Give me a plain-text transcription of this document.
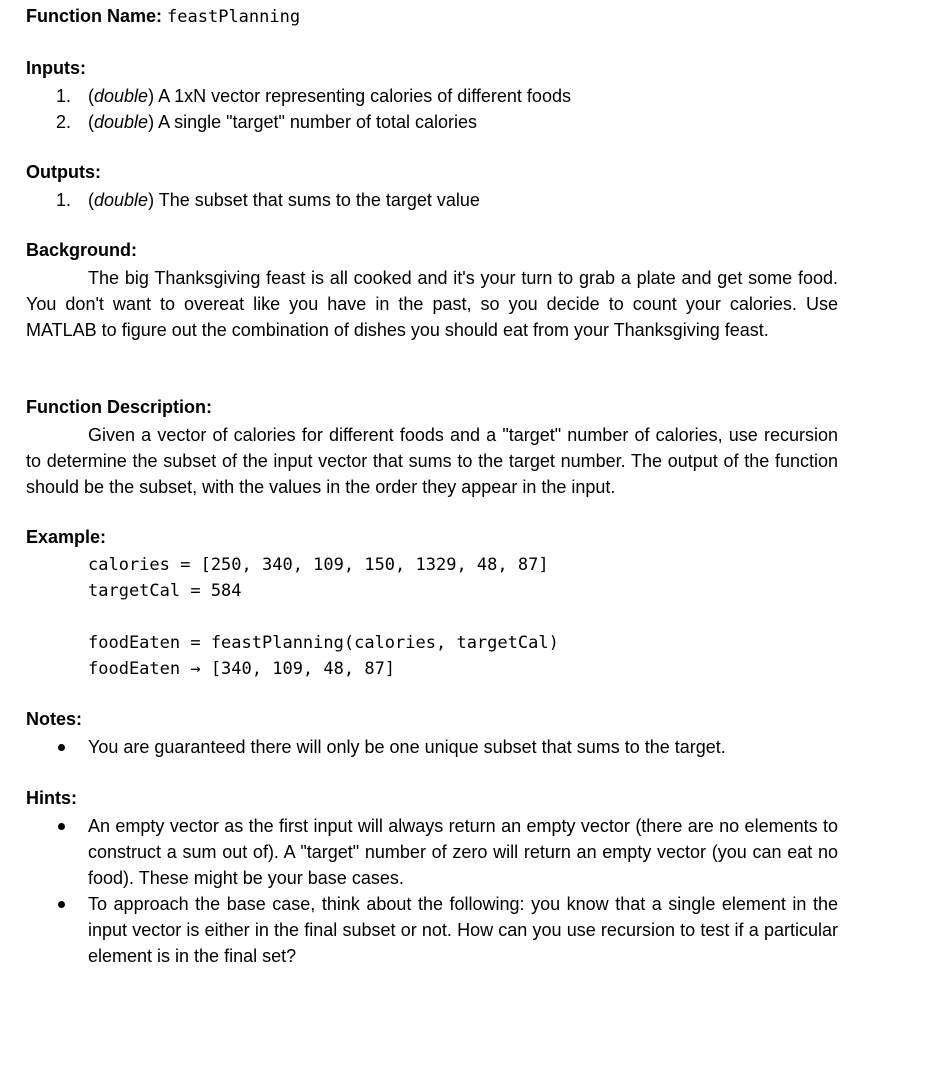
Function Name: feastPlanning
Inputs:
1. (double) A 1xN vector representing calories of different foods
2. (double) A single "target" number of total calories
Outputs:
1. (double) The subset that sums to the target value
Background:
The big Thanksgiving feast is all cooked and it's your turn to grab a plate and get some food. You don't want to overeat like you have in the past, so you decide to count your calories. Use MATLAB to figure out the combination of dishes you should eat from your Thanksgiving feast.
Function Description:
Given a vector of calories for different foods and a "target" number of calories, use recursion to determine the subset of the input vector that sums to the target number. The output of the function should be the subset, with the values in the order they appear in the input.
Example:
calories = [250, 340, 109, 150, 1329, 48, 87]
targetCal = 584
foodEaten = feastPlanning(calories, targetCal)
foodEaten → [340, 109, 48, 87]
Notes:
You are guaranteed there will only be one unique subset that sums to the target.
Hints:
An empty vector as the first input will always return an empty vector (there are no elements to construct a sum out of). A "target" number of zero will return an empty vector (you can eat no food). These might be your base cases.
To approach the base case, think about the following: you know that a single element in the input vector is either in the final subset or not. How can you use recursion to test if a particular element is in the final set?
